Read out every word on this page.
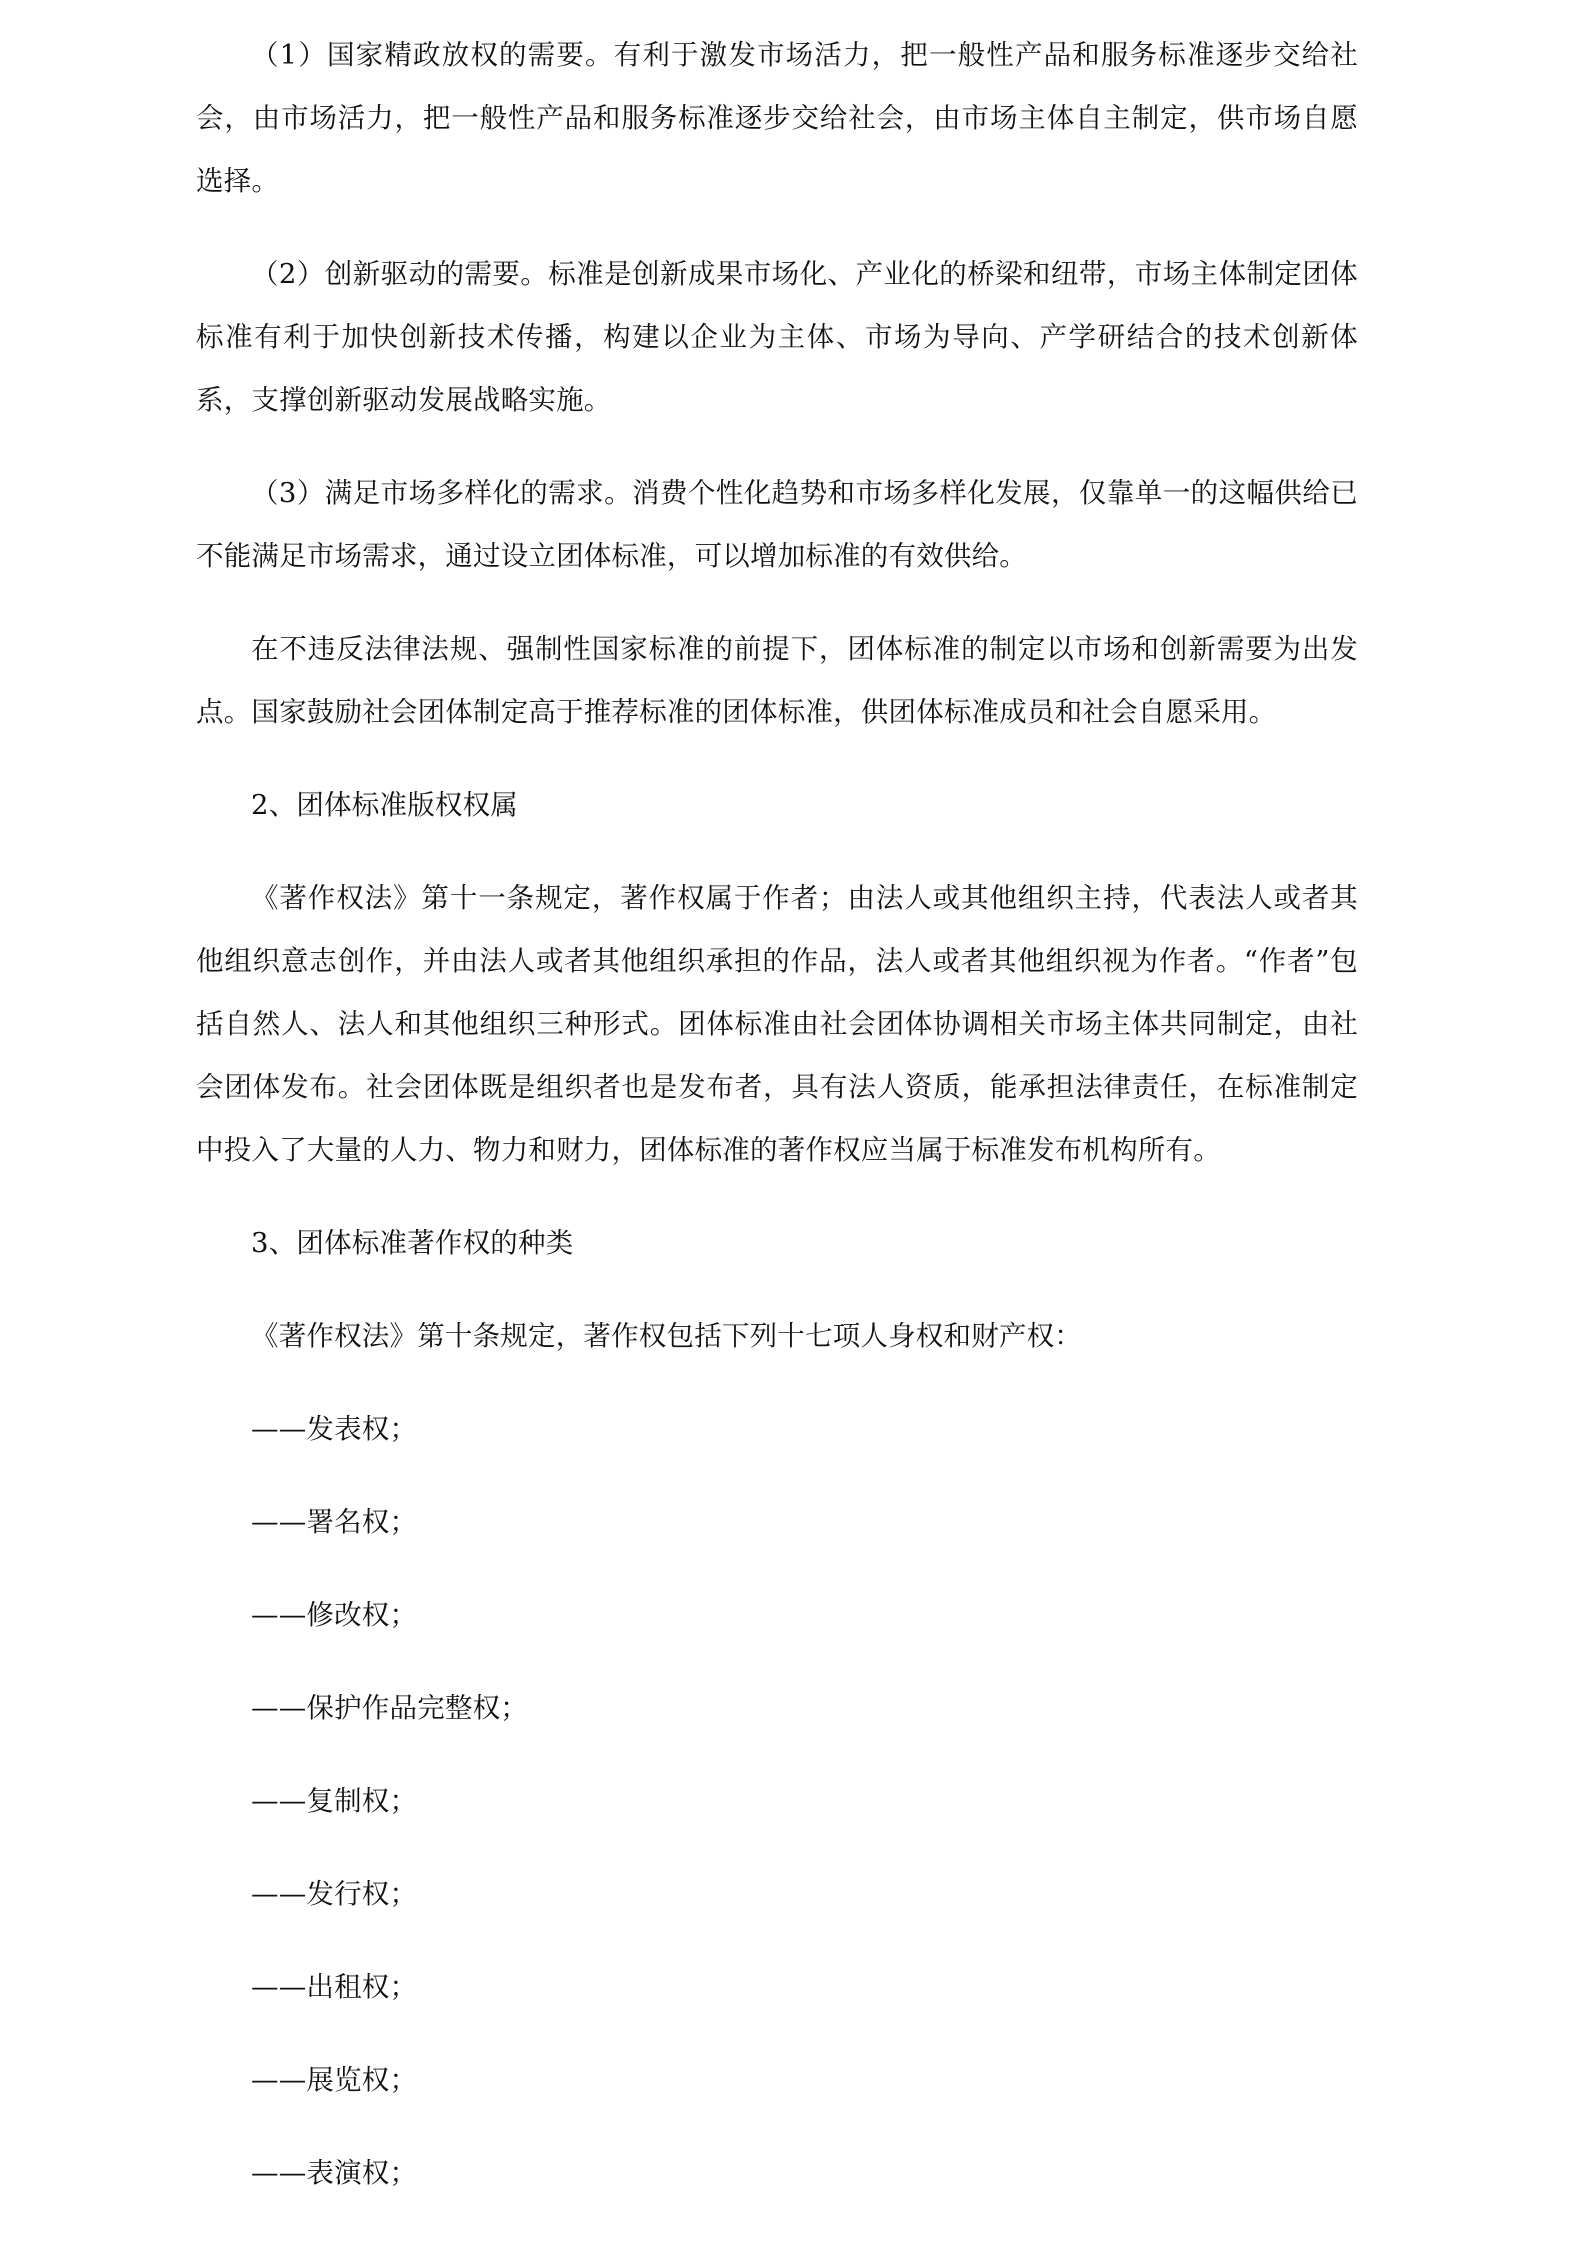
（1）国家精政放权的需要。有利于激发市场活力，把一般性产品和服务标准逐步交给社会，由市场活力，把一般性产品和服务标准逐步交给社会，由市场主体自主制定，供市场自愿选择。

（2）创新驱动的需要。标准是创新成果市场化、产业化的桥梁和纽带，市场主体制定团体标准有利于加快创新技术传播，构建以企业为主体、市场为导向、产学研结合的技术创新体系，支撑创新驱动发展战略实施。

（3）满足市场多样化的需求。消费个性化趋势和市场多样化发展，仅靠单一的这幅供给已不能满足市场需求，通过设立团体标准，可以增加标准的有效供给。

在不违反法律法规、强制性国家标准的前提下，团体标准的制定以市场和创新需要为出发点。国家鼓励社会团体制定高于推荐标准的团体标准，供团体标准成员和社会自愿采用。

2、团体标准版权权属

《著作权法》第十一条规定，著作权属于作者；由法人或其他组织主持，代表法人或者其他组织意志创作，并由法人或者其他组织承担的作品，法人或者其他组织视为作者。“作者”包括自然人、法人和其他组织三种形式。团体标准由社会团体协调相关市场主体共同制定，由社会团体发布。社会团体既是组织者也是发布者，具有法人资质，能承担法律责任，在标准制定中投入了大量的人力、物力和财力，团体标准的著作权应当属于标准发布机构所有。

3、团体标准著作权的种类

《著作权法》第十条规定，著作权包括下列十七项人身权和财产权：

——发表权；

——署名权；

——修改权；

——保护作品完整权；

——复制权；

——发行权；

——出租权；

——展览权；

——表演权；
